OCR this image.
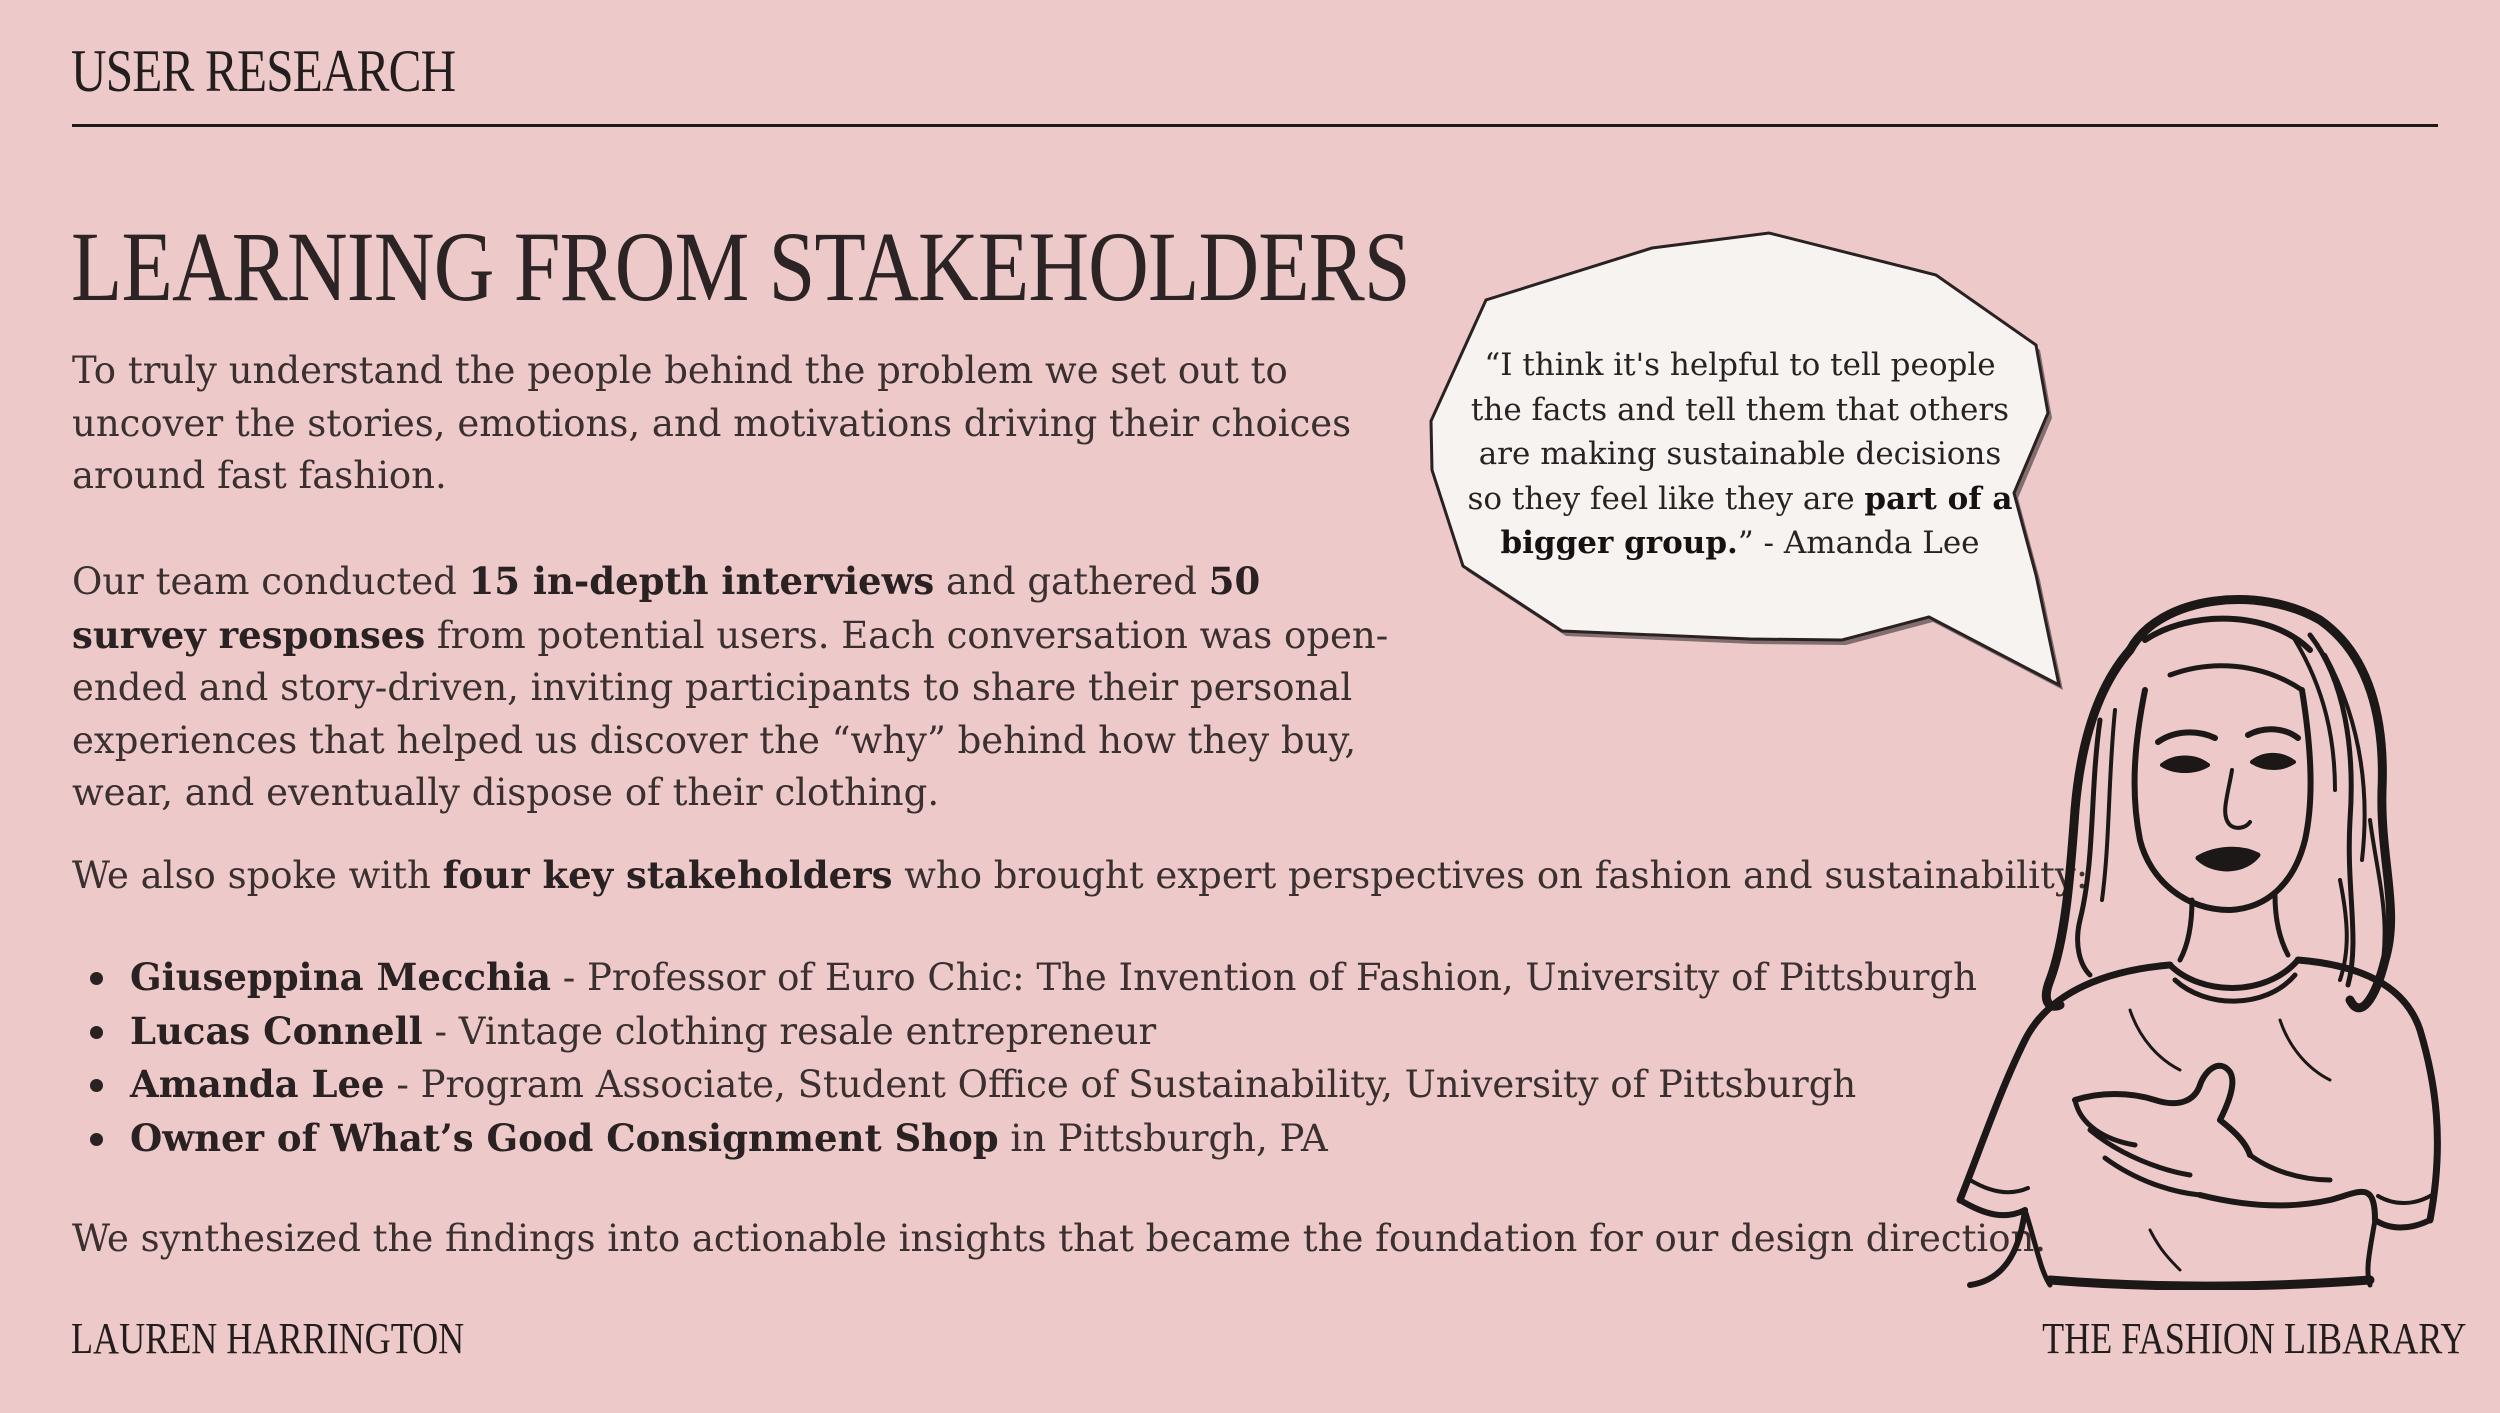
USER RESEARCH
LEARNING FROM STAKEHOLDERS

To truly understand the people behind the problem we set out to uncover the stories, emotions, and motivations driving their choices around fast fashion.

Our team conducted 15 in-depth interviews and gathered 50 survey responses from potential users. Each conversation was open-ended and story-driven, inviting participants to share their personal experiences that helped us discover the “why” behind how they buy, wear, and eventually dispose of their clothing.

We also spoke with four key stakeholders who brought expert perspectives on fashion and sustainability:

Giuseppina Mecchia - Professor of Euro Chic: The Invention of Fashion, University of Pittsburgh
Lucas Connell - Vintage clothing resale entrepreneur
Amanda Lee - Program Associate, Student Office of Sustainability, University of Pittsburgh
Owner of What’s Good Consignment Shop in Pittsburgh, PA

We synthesized the findings into actionable insights that became the foundation for our design direction.

“I think it's helpful to tell people the facts and tell them that others are making sustainable decisions so they feel like they are part of a bigger group.” - Amanda Lee

LAUREN HARRINGTON	THE FASHION LIBARARY
